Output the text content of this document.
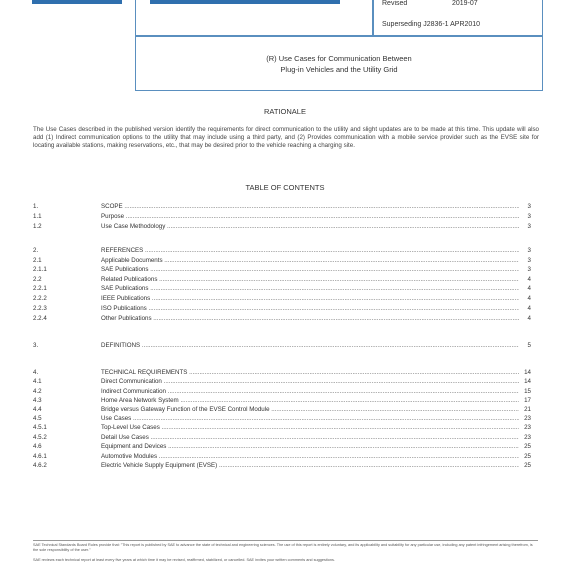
Revised	2019-07
Superseding J2836-1 APR2010
(R) Use Cases for Communication Between
Plug-in Vehicles and the Utility Grid
RATIONALE
The Use Cases described in the published version identify the requirements for direct communication to the utility and slight updates are to be made at this time. This update will also add (1) Indirect communication options to the utility that may include using a third party, and (2) Provides communication with a mobile service provider such as the EVSE site for locating available stations, making reservations, etc., that may be desired prior to the vehicle reaching a charging site.
TABLE OF CONTENTS
1.	SCOPE .....	3
1.1	Purpose .....	3
1.2	Use Case Methodology .....	3
2.	REFERENCES .....	3
2.1	Applicable Documents .....	3
2.1.1	SAE Publications .....	3
2.2	Related Publications .....	4
2.2.1	SAE Publications .....	4
2.2.2	IEEE Publications .....	4
2.2.3	ISO Publications .....	4
2.2.4	Other Publications .....	4
3.	DEFINITIONS .....	5
4.	TECHNICAL REQUIREMENTS .....	14
4.1	Direct Communication .....	14
4.2	Indirect Communication .....	15
4.3	Home Area Network System .....	17
4.4	Bridge versus Gateway Function of the EVSE Control Module .....	21
4.5	Use Cases .....	23
4.5.1	Top-Level Use Cases .....	23
4.5.2	Detail Use Cases .....	23
4.6	Equipment and Devices .....	25
4.6.1	Automotive Modules .....	25
4.6.2	Electric Vehicle Supply Equipment (EVSE) .....	25
SAE Technical Standards Board Rules provide that: "This report is published by SAE to advance the state of technical and engineering sciences. The use of this report is entirely voluntary, and its applicability and suitability for any particular use, including any patent infringement arising therefrom, is the sole responsibility of the user."
SAE reviews each technical report at least every five years at which time it may be revised, reaffirmed, stabilized, or cancelled. SAE invites your written comments and suggestions.
